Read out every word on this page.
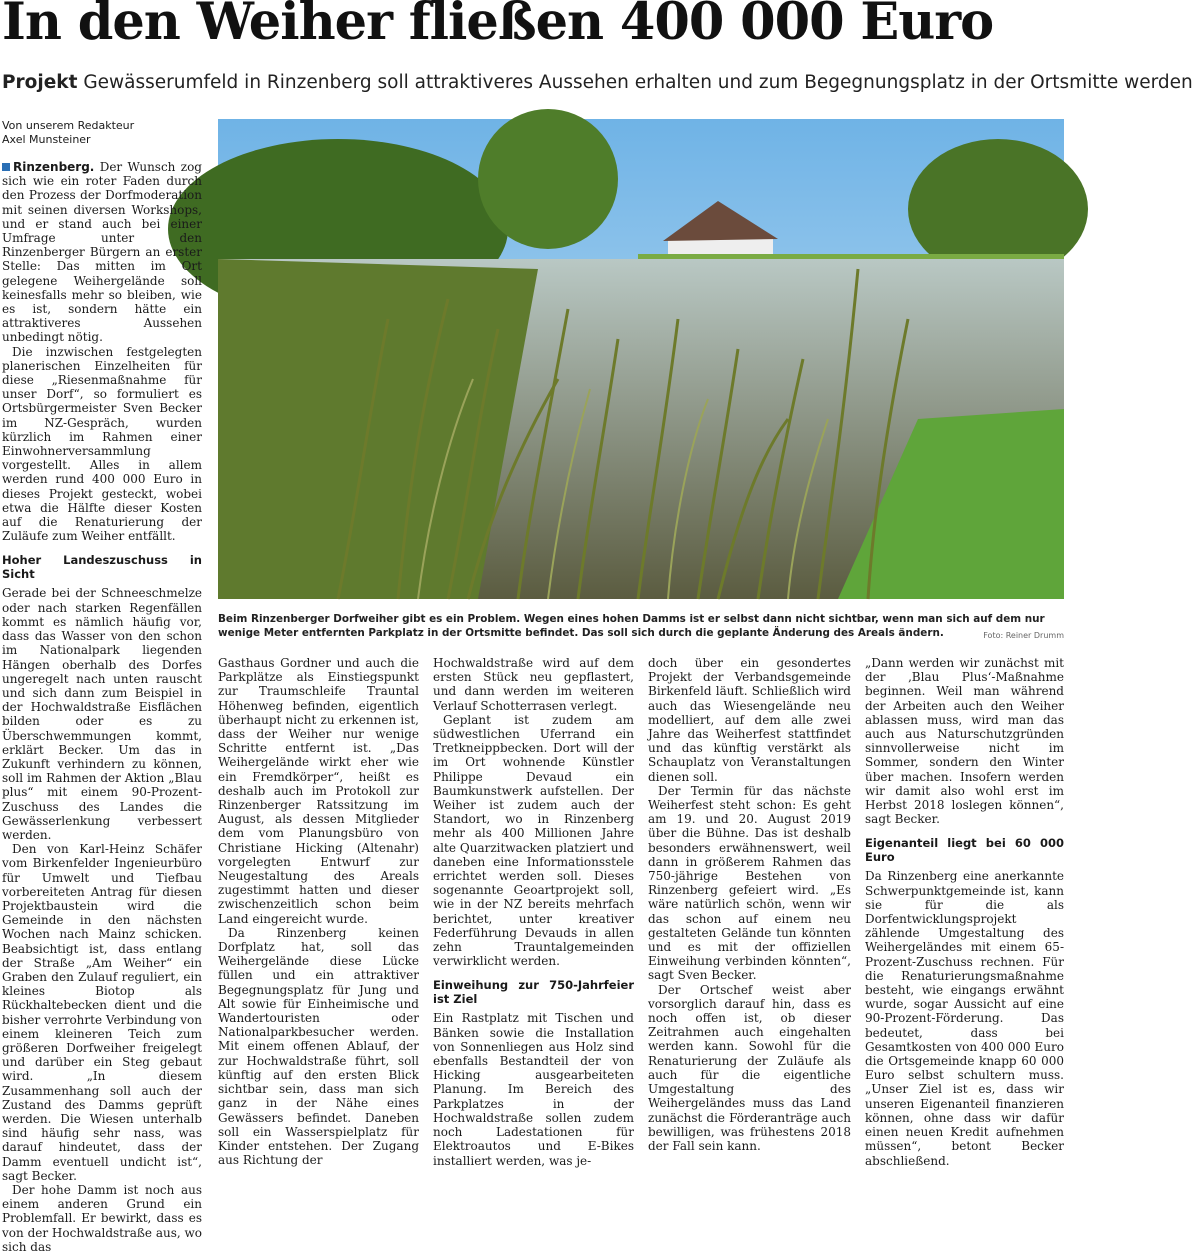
In den Weiher fließen 400 000 Euro
Projekt Gewässerumfeld in Rinzenberg soll attraktiveres Aussehen erhalten und zum Begegnungsplatz in der Ortsmitte werden
Von unserem Redakteur
Axel Munsteiner
Beim Rinzenberger Dorfweiher gibt es ein Problem. Wegen eines hohen Damms ist er selbst dann nicht sichtbar, wenn man sich auf dem nur wenige Meter entfernten Parkplatz in der Ortsmitte befindet. Das soll sich durch die geplante Änderung des Areals ändern.	Foto: Reiner Drumm

Rinzenberg. Der Wunsch zog sich wie ein roter Faden durch den Prozess der Dorfmoderation mit seinen diversen Workshops, und er stand auch bei einer Umfrage unter den Rinzenberger Bürgern an erster Stelle: Das mitten im Ort gelegene Weihergelände soll keinesfalls mehr so bleiben, wie es ist, sondern hätte ein attraktiveres Aussehen unbedingt nötig.

Die inzwischen festgelegten planerischen Einzelheiten für diese „Riesenmaßnahme für unser Dorf“, so formuliert es Ortsbürgermeister Sven Becker im NZ-Gespräch, wurden kürzlich im Rahmen einer Einwohnerversammlung vorgestellt. Alles in allem werden rund 400 000 Euro in dieses Projekt gesteckt, wobei etwa die Hälfte dieser Kosten auf die Renaturierung der Zuläufe zum Weiher entfällt.

Hoher Landeszuschuss in Sicht

Gerade bei der Schneeschmelze oder nach starken Regenfällen kommt es nämlich häufig vor, dass das Wasser von den schon im Nationalpark liegenden Hängen oberhalb des Dorfes ungeregelt nach unten rauscht und sich dann zum Beispiel in der Hochwaldstraße Eisflächen bilden oder es zu Überschwemmungen kommt, erklärt Becker. Um das in Zukunft verhindern zu können, soll im Rahmen der Aktion „Blau plus“ mit einem 90-Prozent-Zuschuss des Landes die Gewässerlenkung verbessert werden.

Den von Karl-Heinz Schäfer vom Birkenfelder Ingenieurbüro für Umwelt und Tiefbau vorbereiteten Antrag für diesen Projektbaustein wird die Gemeinde in den nächsten Wochen nach Mainz schicken. Beabsichtigt ist, dass entlang der Straße „Am Weiher“ ein Graben den Zulauf reguliert, ein kleines Biotop als Rückhaltebecken dient und die bisher verrohrte Verbindung von einem kleineren Teich zum größeren Dorfweiher freigelegt und darüber ein Steg gebaut wird. „In diesem Zusammenhang soll auch der Zustand des Damms geprüft werden. Die Wiesen unterhalb sind häufig sehr nass, was darauf hindeutet, dass der Damm eventuell undicht ist“, sagt Becker.

Der hohe Damm ist noch aus einem anderen Grund ein Problemfall. Er bewirkt, dass es von der Hochwaldstraße aus, wo sich das

Gasthaus Gordner und auch die Parkplätze als Einstiegspunkt zur Traumschleife Trauntal Höhenweg befinden, eigentlich überhaupt nicht zu erkennen ist, dass der Weiher nur wenige Schritte entfernt ist. „Das Weihergelände wirkt eher wie ein Fremdkörper“, heißt es deshalb auch im Protokoll zur Rinzenberger Ratssitzung im August, als dessen Mitglieder dem vom Planungsbüro von Christiane Hicking (Altenahr) vorgelegten Entwurf zur Neugestaltung des Areals zugestimmt hatten und dieser zwischenzeitlich schon beim Land eingereicht wurde.

Da Rinzenberg keinen Dorfplatz hat, soll das Weihergelände diese Lücke füllen und ein attraktiver Begegnungsplatz für Jung und Alt sowie für Einheimische und Wandertouristen oder Nationalparkbesucher werden. Mit einem offenen Ablauf, der zur Hochwaldstraße führt, soll künftig auf den ersten Blick sichtbar sein, dass man sich ganz in der Nähe eines Gewässers befindet. Daneben soll ein Wasserspielplatz für Kinder entstehen. Der Zugang aus Richtung der

Hochwaldstraße wird auf dem ersten Stück neu gepflastert, und dann werden im weiteren Verlauf Schotterrasen verlegt.

Geplant ist zudem am südwestlichen Uferrand ein Tretkneippbecken. Dort will der im Ort wohnende Künstler Philippe Devaud ein Baumkunstwerk aufstellen. Der Weiher ist zudem auch der Standort, wo in Rinzenberg mehr als 400 Millionen Jahre alte Quarzitwacken platziert und daneben eine Informationsstele errichtet werden soll. Dieses sogenannte Geoartprojekt soll, wie in der NZ bereits mehrfach berichtet, unter kreativer Federführung Devauds in allen zehn Trauntalgemeinden verwirklicht werden.

Einweihung zur 750-Jahrfeier ist Ziel

Ein Rastplatz mit Tischen und Bänken sowie die Installation von Sonnenliegen aus Holz sind ebenfalls Bestandteil der von Hicking ausgearbeiteten Planung. Im Bereich des Parkplatzes in der Hochwaldstraße sollen zudem noch Ladestationen für Elektroautos und E-Bikes installiert werden, was je-

doch über ein gesondertes Projekt der Verbandsgemeinde Birkenfeld läuft. Schließlich wird auch das Wiesengelände neu modelliert, auf dem alle zwei Jahre das Weiherfest stattfindet und das künftig verstärkt als Schauplatz von Veranstaltungen dienen soll.

Der Termin für das nächste Weiherfest steht schon: Es geht am 19. und 20. August 2019 über die Bühne. Das ist deshalb besonders erwähnenswert, weil dann in größerem Rahmen das 750-jährige Bestehen von Rinzenberg gefeiert wird. „Es wäre natürlich schön, wenn wir das schon auf einem neu gestalteten Gelände tun könnten und es mit der offiziellen Einweihung verbinden könnten“, sagt Sven Becker.

Der Ortschef weist aber vorsorglich darauf hin, dass es noch offen ist, ob dieser Zeitrahmen auch eingehalten werden kann. Sowohl für die Renaturierung der Zuläufe als auch für die eigentliche Umgestaltung des Weihergeländes muss das Land zunächst die Förderanträge auch bewilligen, was frühestens 2018 der Fall sein kann.

„Dann werden wir zunächst mit der ‚Blau Plus‘-Maßnahme beginnen. Weil man während der Arbeiten auch den Weiher ablassen muss, wird man das auch aus Naturschutzgründen sinnvollerweise nicht im Sommer, sondern den Winter über machen. Insofern werden wir damit also wohl erst im Herbst 2018 loslegen können“, sagt Becker.

Eigenanteil liegt bei 60 000 Euro

Da Rinzenberg eine anerkannte Schwerpunktgemeinde ist, kann sie für die als Dorfentwicklungsprojekt zählende Umgestaltung des Weihergeländes mit einem 65-Prozent-Zuschuss rechnen. Für die Renaturierungsmaßnahme besteht, wie eingangs erwähnt wurde, sogar Aussicht auf eine 90-Prozent-Förderung. Das bedeutet, dass bei Gesamtkosten von 400 000 Euro die Ortsgemeinde knapp 60 000 Euro selbst schultern muss. „Unser Ziel ist es, dass wir unseren Eigenanteil finanzieren können, ohne dass wir dafür einen neuen Kredit aufnehmen müssen“, betont Becker abschließend.
